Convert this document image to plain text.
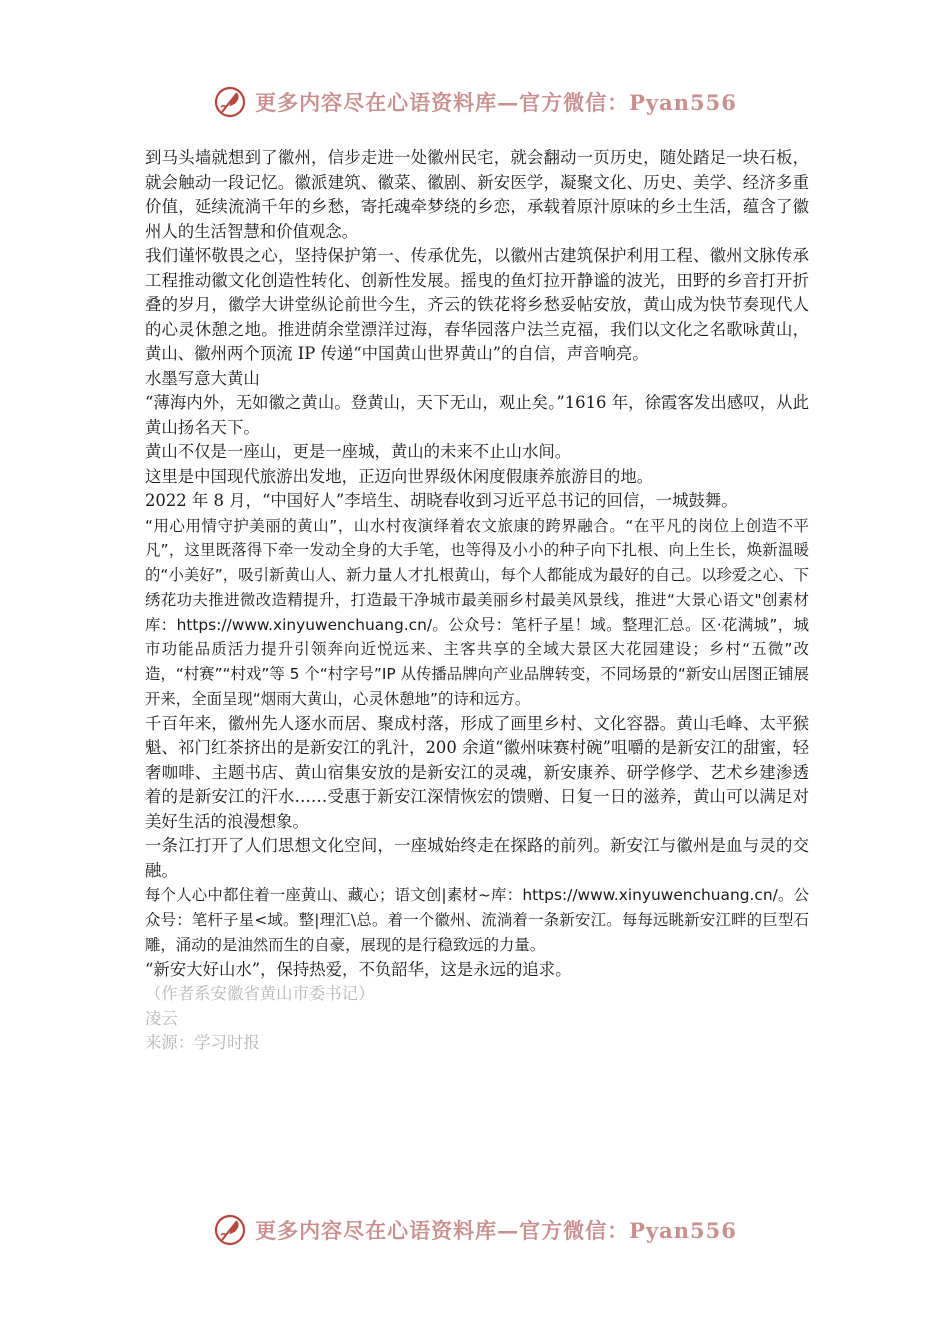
更多内容尽在心语资料库—官方微信：Pyan556

到马头墙就想到了徽州，信步走进一处徽州民宅，就会翻动一页历史，随处踏足一块石板，就会触动一段记忆。徽派建筑、徽菜、徽剧、新安医学，凝聚文化、历史、美学、经济多重价值，延续流淌千年的乡愁，寄托魂牵梦绕的乡恋，承载着原汁原味的乡土生活，蕴含了徽州人的生活智慧和价值观念。

我们谨怀敬畏之心，坚持保护第一、传承优先，以徽州古建筑保护利用工程、徽州文脉传承工程推动徽文化创造性转化、创新性发展。摇曳的鱼灯拉开静谧的波光，田野的乡音打开折叠的岁月，徽学大讲堂纵论前世今生，齐云的铁花将乡愁妥帖安放，黄山成为快节奏现代人的心灵休憩之地。推进荫余堂漂洋过海，春华园落户法兰克福，我们以文化之名歌咏黄山，黄山、徽州两个顶流 IP 传递“中国黄山世界黄山”的自信，声音响亮。

水墨写意大黄山

“薄海内外，无如徽之黄山。登黄山，天下无山，观止矣。”1616 年，徐霞客发出感叹，从此黄山扬名天下。

黄山不仅是一座山，更是一座城，黄山的未来不止山水间。

这里是中国现代旅游出发地，正迈向世界级休闲度假康养旅游目的地。

2022 年 8 月，“中国好人”李培生、胡晓春收到习近平总书记的回信，一城鼓舞。

“用心用情守护美丽的黄山”，山水村夜演绎着农文旅康的跨界融合。“在平凡的岗位上创造不平凡”，这里既落得下牵一发动全身的大手笔，也等得及小小的种子向下扎根、向上生长，焕新温暖的“小美好”，吸引新黄山人、新力量人才扎根黄山，每个人都能成为最好的自己。以珍爱之心、下绣花功夫推进微改造精提升，打造最干净城市最美丽乡村最美风景线，推进“大景心语文"创素材库：https://www.xinyuwenchuang.cn/。公众号：笔杆子星！域。整理汇总。区·花满城”，城市功能品质活力提升引领奔向近悦远来、主客共享的全域大景区大花园建设；乡村“五微”改造，“村赛”“村戏”等 5 个“村字号”IP 从传播品牌向产业品牌转变，不同场景的“新安山居图正铺展开来，全面呈现“烟雨大黄山，心灵休憩地”的诗和远方。

千百年来，徽州先人逐水而居、聚成村落，形成了画里乡村、文化容器。黄山毛峰、太平猴魁、祁门红茶挤出的是新安江的乳汁，200 余道“徽州味赛村碗”咀嚼的是新安江的甜蜜，轻奢咖啡、主题书店、黄山宿集安放的是新安江的灵魂，新安康养、研学修学、艺术乡建渗透着的是新安江的汗水……受惠于新安江深情恢宏的馈赠、日复一日的滋养，黄山可以满足对美好生活的浪漫想象。

一条江打开了人们思想文化空间，一座城始终走在探路的前列。新安江与徽州是血与灵的交融。

每个人心中都住着一座黄山、藏心；语文创|素材~库：https://www.xinyuwenchuang.cn/。公众号：笔杆子星<域。整|理汇\总。着一个徽州、流淌着一条新安江。每每远眺新安江畔的巨型石雕，涌动的是油然而生的自豪，展现的是行稳致远的力量。

“新安大好山水”，保持热爱，不负韶华，这是永远的追求。

（作者系安徽省黄山市委书记）

凌云

来源：学习时报

更多内容尽在心语资料库—官方微信：Pyan556
